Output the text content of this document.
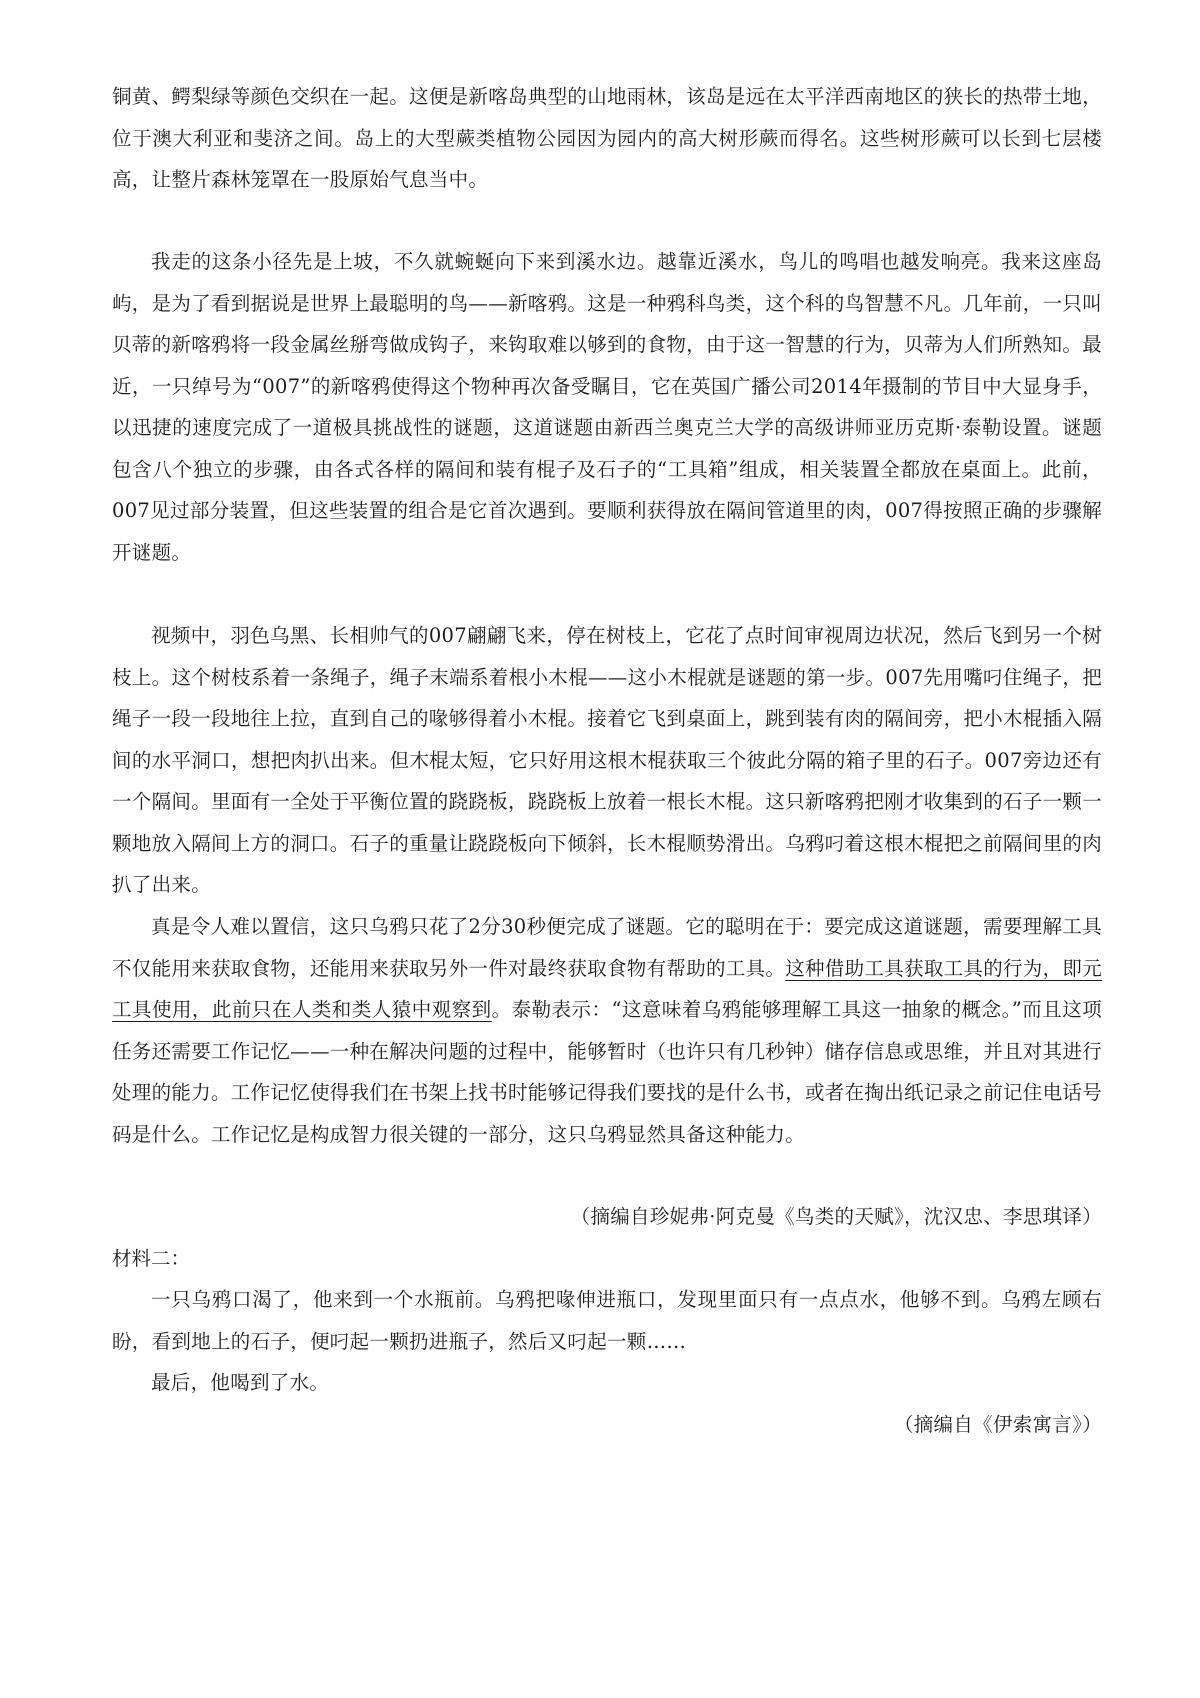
铜黄、鳄梨绿等颜色交织在一起。这便是新喀岛典型的山地雨林，该岛是远在太平洋西南地区的狭长的热带土地，位于澳大利亚和斐济之间。岛上的大型蕨类植物公园因为园内的高大树形蕨而得名。这些树形蕨可以长到七层楼高，让整片森林笼罩在一股原始气息当中。

我走的这条小径先是上坡，不久就蜿蜒向下来到溪水边。越靠近溪水，鸟儿的鸣唱也越发响亮。我来这座岛屿，是为了看到据说是世界上最聪明的鸟——新喀鸦。这是一种鸦科鸟类，这个科的鸟智慧不凡。几年前，一只叫贝蒂的新喀鸦将一段金属丝掰弯做成钩子，来钩取难以够到的食物，由于这一智慧的行为，贝蒂为人们所熟知。最近，一只绰号为“007”的新喀鸦使得这个物种再次备受瞩目，它在英国广播公司2014年摄制的节目中大显身手，以迅捷的速度完成了一道极具挑战性的谜题，这道谜题由新西兰奥克兰大学的高级讲师亚历克斯·泰勒设置。谜题包含八个独立的步骤，由各式各样的隔间和装有棍子及石子的“工具箱”组成，相关装置全都放在桌面上。此前，007见过部分装置，但这些装置的组合是它首次遇到。要顺利获得放在隔间管道里的肉，007得按照正确的步骤解开谜题。

视频中，羽色乌黑、长相帅气的007翩翩飞来，停在树枝上，它花了点时间审视周边状况，然后飞到另一个树枝上。这个树枝系着一条绳子，绳子末端系着根小木棍——这小木棍就是谜题的第一步。007先用嘴叼住绳子，把绳子一段一段地往上拉，直到自己的喙够得着小木棍。接着它飞到桌面上，跳到装有肉的隔间旁，把小木棍插入隔间的水平洞口，想把肉扒出来。但木棍太短，它只好用这根木棍获取三个彼此分隔的箱子里的石子。007旁边还有一个隔间。里面有一全处于平衡位置的跷跷板，跷跷板上放着一根长木棍。这只新喀鸦把刚才收集到的石子一颗一颗地放入隔间上方的洞口。石子的重量让跷跷板向下倾斜，长木棍顺势滑出。乌鸦叼着这根木棍把之前隔间里的肉扒了出来。

真是令人难以置信，这只乌鸦只花了2分30秒便完成了谜题。它的聪明在于：要完成这道谜题，需要理解工具不仅能用来获取食物，还能用来获取另外一件对最终获取食物有帮助的工具。这种借助工具获取工具的行为，即元工具使用，此前只在人类和类人猿中观察到。泰勒表示：“这意味着乌鸦能够理解工具这一抽象的概念。”而且这项任务还需要工作记忆——一种在解决问题的过程中，能够暂时（也许只有几秒钟）储存信息或思维，并且对其进行处理的能力。工作记忆使得我们在书架上找书时能够记得我们要找的是什么书，或者在掏出纸记录之前记住电话号码是什么。工作记忆是构成智力很关键的一部分，这只乌鸦显然具备这种能力。

（摘编自珍妮弗·阿克曼《鸟类的天赋》，沈汉忠、李思琪译）

材料二：

一只乌鸦口渴了，他来到一个水瓶前。乌鸦把喙伸进瓶口，发现里面只有一点点水，他够不到。乌鸦左顾右盼，看到地上的石子，便叼起一颗扔进瓶子，然后又叼起一颗……

最后，他喝到了水。

（摘编自《伊索寓言》）
